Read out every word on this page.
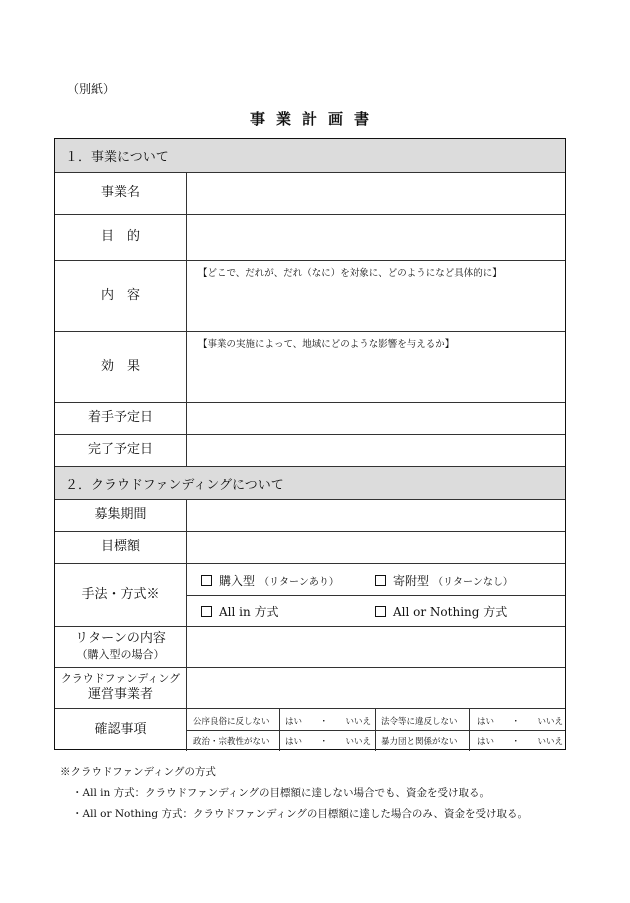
（別紙）
事業計画書
１．事業について
事業名
目　的
内　容
【どこで、だれが、だれ（なに）を対象に、どのようになど具体的に】
効　果
【事業の実施によって、地域にどのような影響を与えるか】
着手予定日
完了予定日
２．クラウドファンディングについて
募集期間
目標額
手法・方式※
購入型 （リターンあり）	寄附型 （リターンなし）
All in 方式	All or Nothing 方式
リターンの内容
（購入型の場合）
クラウドファンディング
運営事業者
確認事項
公序良俗に反しない はい ・ いいえ 法令等に違反しない はい ・ いいえ
政治・宗教性がない はい ・ いいえ 暴力団と関係がない はい ・ いいえ
※クラウドファンディングの方式
・All in 方式：クラウドファンディングの目標額に達しない場合でも、資金を受け取る。
・All or Nothing 方式：クラウドファンディングの目標額に達した場合のみ、資金を受け取る。
